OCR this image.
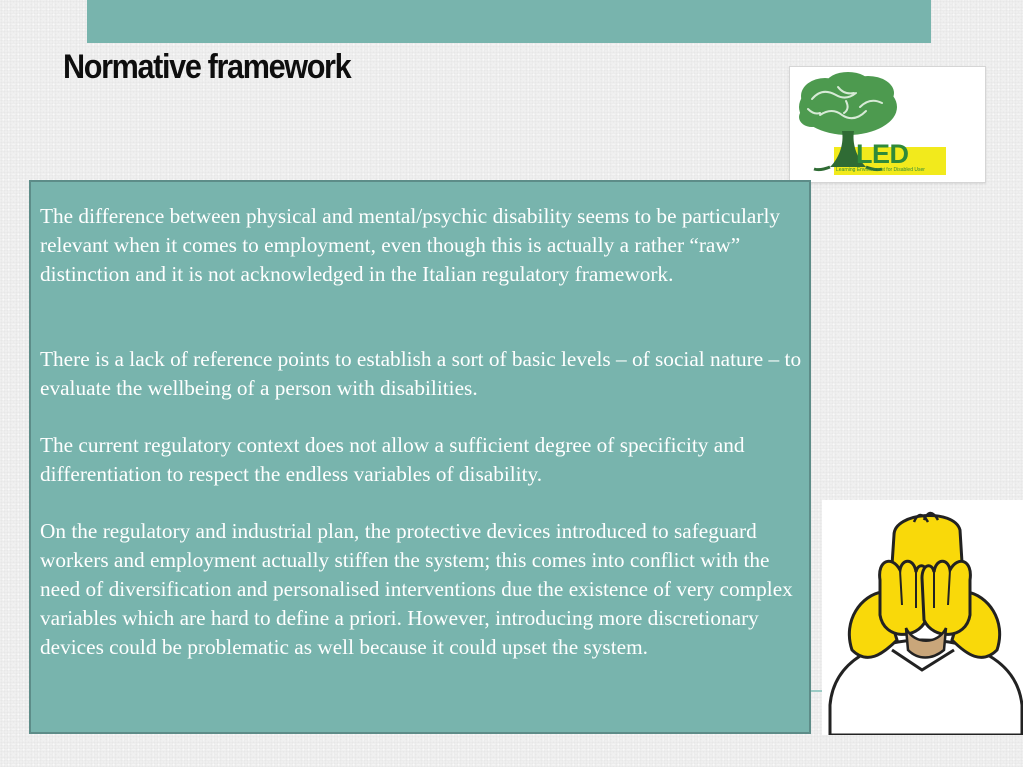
Normative framework
LED
Learning Environment for Disabled User

The difference between physical and mental/psychic disability seems to be particularly relevant when it comes to employment, even though this is actually a rather “raw” distinction and it is not acknowledged in the Italian regulatory framework.

There is a lack of reference points to establish a sort of basic levels – of social nature – to evaluate the wellbeing of a person with disabilities.

The current regulatory context does not allow a sufficient degree of specificity and differentiation to respect the endless variables of disability.

On the regulatory and industrial plan, the protective devices introduced to safeguard workers and employment actually stiffen the system; this comes into conflict with the need of diversification and personalised interventions due the existence of very complex variables which are hard to define a priori. However, introducing more discretionary devices could be problematic as well because it could upset the system.
